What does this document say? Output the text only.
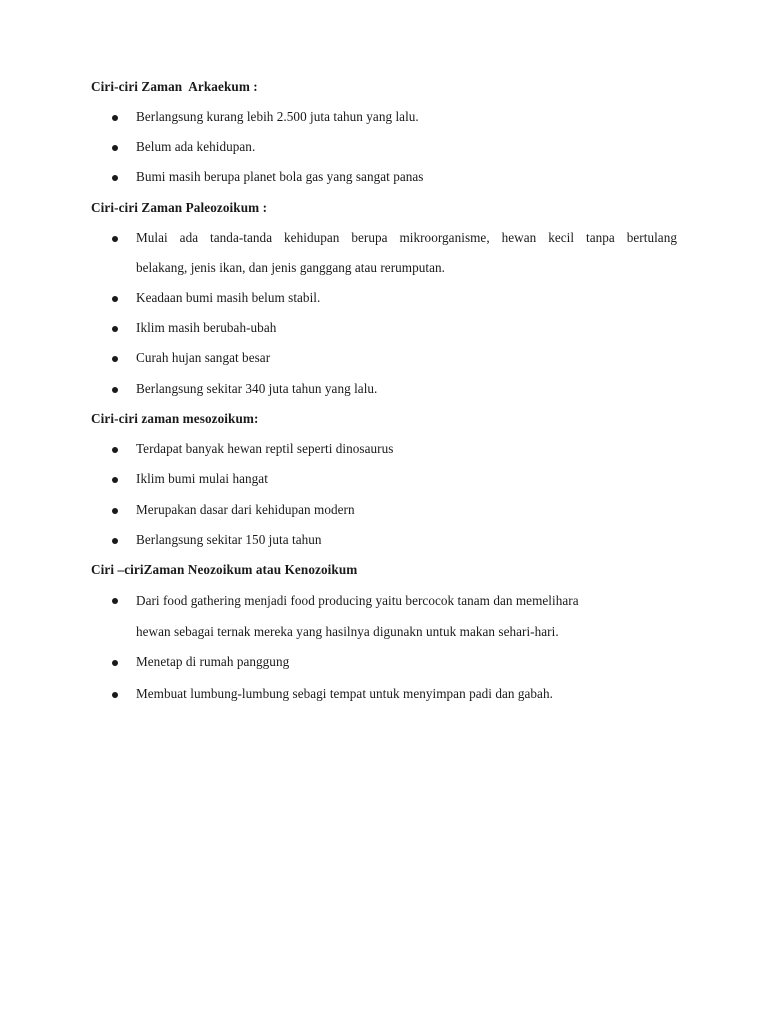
Ciri-ciri Zaman  Arkaekum :
Berlangsung kurang lebih 2.500 juta tahun yang lalu.
Belum ada kehidupan.
Bumi masih berupa planet bola gas yang sangat panas
Ciri-ciri Zaman Paleozoikum :
Mulai ada tanda-tanda kehidupan berupa mikroorganisme, hewan kecil tanpa bertulang
belakang, jenis ikan, dan jenis ganggang atau rerumputan.
Keadaan bumi masih belum stabil.
Iklim masih berubah-ubah
Curah hujan sangat besar
Berlangsung sekitar 340 juta tahun yang lalu.
Ciri-ciri zaman mesozoikum:
Terdapat banyak hewan reptil seperti dinosaurus
Iklim bumi mulai hangat
Merupakan dasar dari kehidupan modern
Berlangsung sekitar 150 juta tahun
Ciri –ciriZaman Neozoikum atau Kenozoikum
Dari food gathering menjadi food producing yaitu bercocok tanam dan memelihara
hewan sebagai ternak mereka yang hasilnya digunakn untuk makan sehari-hari.
Menetap di rumah panggung
Membuat lumbung-lumbung sebagi tempat untuk menyimpan padi dan gabah.
